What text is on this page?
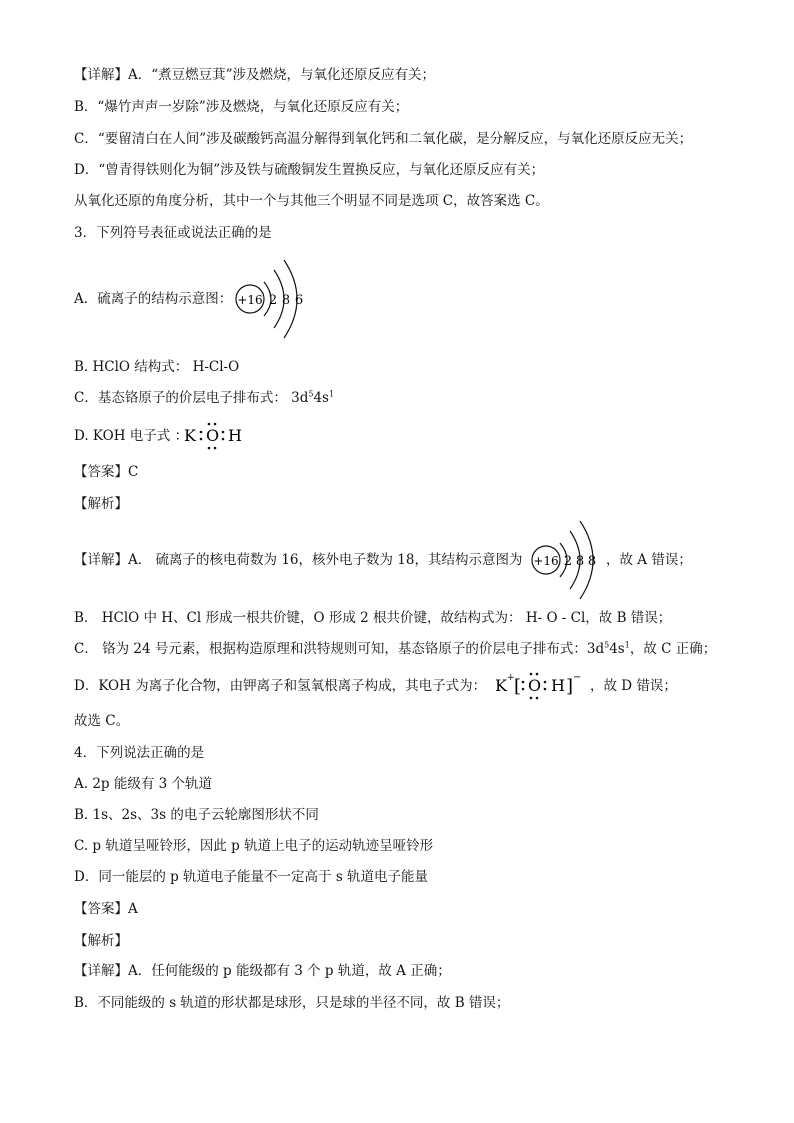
【详解】A．“煮豆燃豆萁”涉及燃烧，与氧化还原反应有关；
B．“爆竹声声一岁除”涉及燃烧，与氧化还原反应有关；
C．“要留清白在人间”涉及碳酸钙高温分解得到氧化钙和二氧化碳，是分解反应，与氧化还原反应无关；
D．“曾青得铁则化为铜”涉及铁与硫酸铜发生置换反应，与氧化还原反应有关；
从氧化还原的角度分析，其中一个与其他三个明显不同是选项 C，故答案选 C。
3．下列符号表征或说法正确的是
A．硫离子的结构示意图： +16 2 8 6
B. HClO 结构式： H-Cl-O
C．基态铬原子的价层电子排布式： $3d^54s^1$
D. KOH 电子式 ：
K O H
【答案】C
【解析】
【详解】A． 硫离子的核电荷数为 16，核外电子数为 18，其结构示意图为 +16 2 8 8 ，故 A 错误；
B． HClO 中 H、Cl 形成一根共价键，O 形成 2 根共价键，故结构式为： H- O - Cl，故 B 错误；
C． 铬为 24 号元素，根据构造原理和洪特规则可知，基态铬原子的价层电子排布式：$3d^54s^1$，故 C 正确；
D．KOH 为离子化合物，由钾离子和氢氧根离子构成，其电子式为： K + [ O H ] −
，故 D 错误；
故选 C。
4．下列说法正确的是
A. 2p 能级有 3 个轨道
B. 1s、2s、3s 的电子云轮廓图形状不同
C. p 轨道呈哑铃形，因此 p 轨道上电子的运动轨迹呈哑铃形
D．同一能层的 p 轨道电子能量不一定高于 s 轨道电子能量
【答案】A
【解析】
【详解】A．任何能级的 p 能级都有 3 个 p 轨道，故 A 正确；
B．不同能级的 s 轨道的形状都是球形，只是球的半径不同，故 B 错误；
